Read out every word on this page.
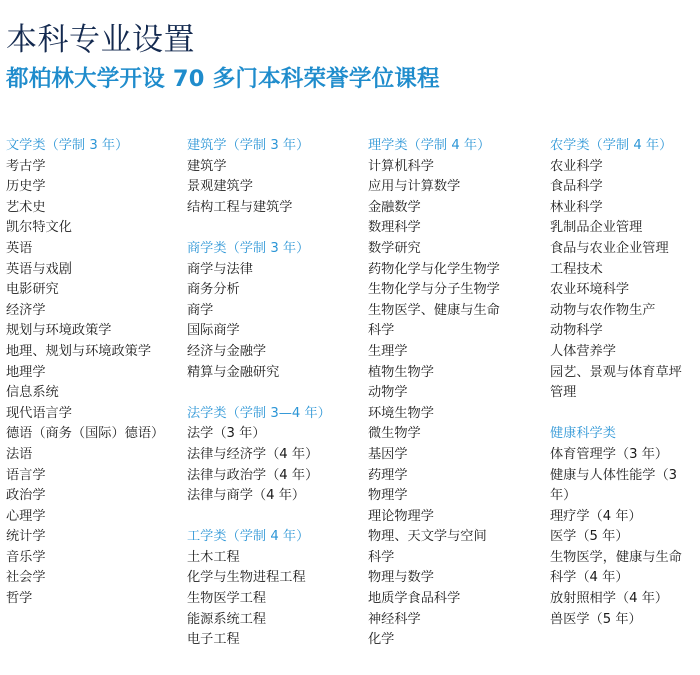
本科专业设置
都柏林大学开设 70 多门本科荣誉学位课程
文学类（学制 3 年）
考古学
历史学
艺术史
凯尔特文化
英语
英语与戏剧
电影研究
经济学
规划与环境政策学
地理、规划与环境政策学
地理学
信息系统
现代语言学
德语（商务（国际）德语）
法语
语言学
政治学
心理学
统计学
音乐学
社会学
哲学
建筑学（学制 3 年）
建筑学
景观建筑学
结构工程与建筑学
商学类（学制 3 年）
商学与法律
商务分析
商学
国际商学
经济与金融学
精算与金融研究
法学类（学制 3—4 年）
法学（3 年）
法律与经济学（4 年）
法律与政治学（4 年）
法律与商学（4 年）
工学类（学制 4 年）
土木工程
化学与生物进程工程
生物医学工程
能源系统工程
电子工程
理学类（学制 4 年）
计算机科学
应用与计算数学
金融数学
数理科学
数学研究
药物化学与化学生物学
生物化学与分子生物学
生物医学、健康与生命
科学
生理学
植物生物学
动物学
环境生物学
微生物学
基因学
药理学
物理学
理论物理学
物理、天文学与空间
科学
物理与数学
地质学食品科学
神经科学
化学
农学类（学制 4 年）
农业科学
食品科学
林业科学
乳制品企业管理
食品与农业企业管理
工程技术
农业环境科学
动物与农作物生产
动物科学
人体营养学
园艺、景观与体育草坪
管理
健康科学类
体育管理学（3 年）
健康与人体性能学（3
年）
理疗学（4 年）
医学（5 年）
生物医学，健康与生命
科学（4 年）
放射照相学（4 年）
兽医学（5 年）
